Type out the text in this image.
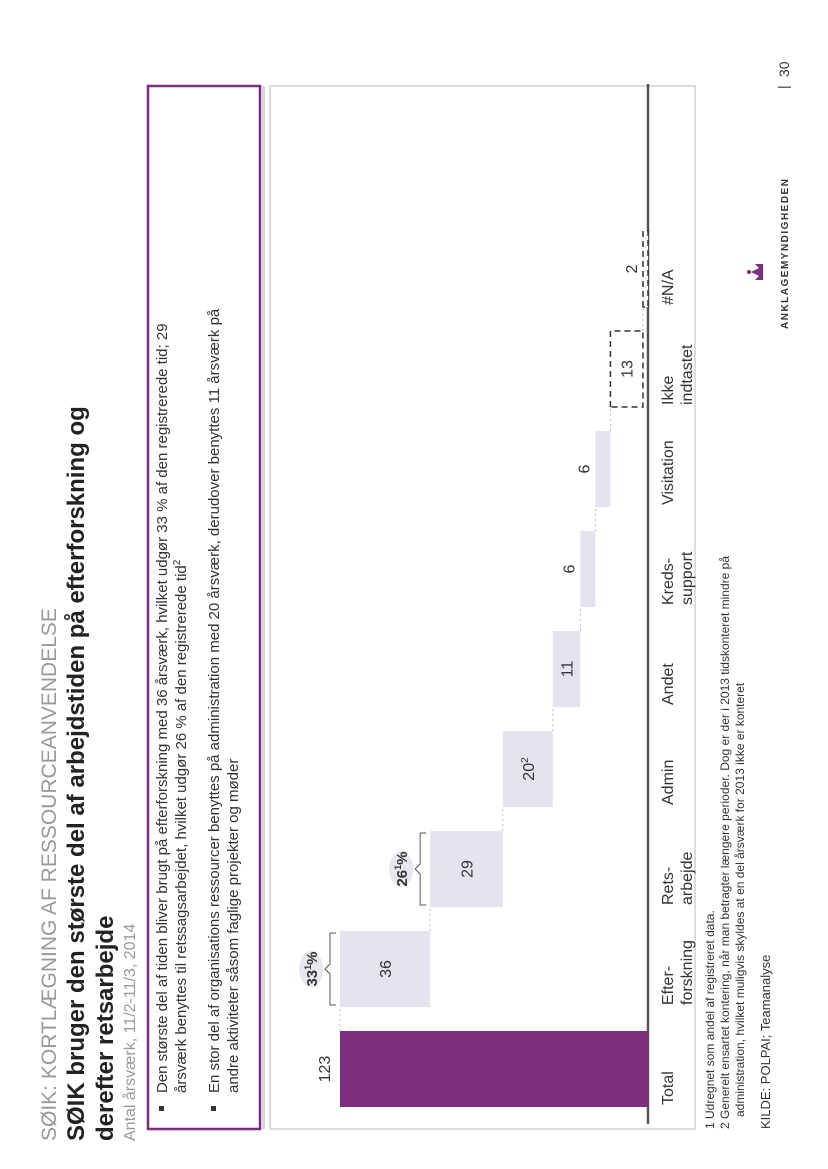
SØIK: KORTLÆGNING AF RESSOURCEANVENDELSE SØIK bruger den største del af arbejdstiden på efterforskning og derefter retsarbejde Antal årsværk, 11/2-11/3, 2014 Den største del af tiden bliver brugt på efterforskning med 36 årsværk, hvilket udgør 33 % af den registrerede tid; 29 årsværk benyttes til retssagsarbejdet, hvilket udgør 26 % af den registrerede tid$^2$	En stor del af organisations ressourcer benyttes på administration med 20 årsværk, derudover benyttes 11 årsværk på andre aktiviteter såsom faglige projekter og møder	123
Total
36	Efter- forskning
29	Rets- arbejde
$20^2$	Admin
11	Andet
6	Kreds- support
6	Visitation
13
Ikke indtastet
2
#N/A
$33^1\%$
$26^1\%$
1 Udregnet som andel af registreret data. 2 Generelt ensartet kontering, når man betragter længere perioder. Dog er der i 2013 tidskonteret mindre på administration, hvilket muligvis skyldes at en del årsværk for 2013 ikke er konteret KILDE: POLPAI; Teamanalyse
ANKLAGEMYNDIGHEDEN
|
30
